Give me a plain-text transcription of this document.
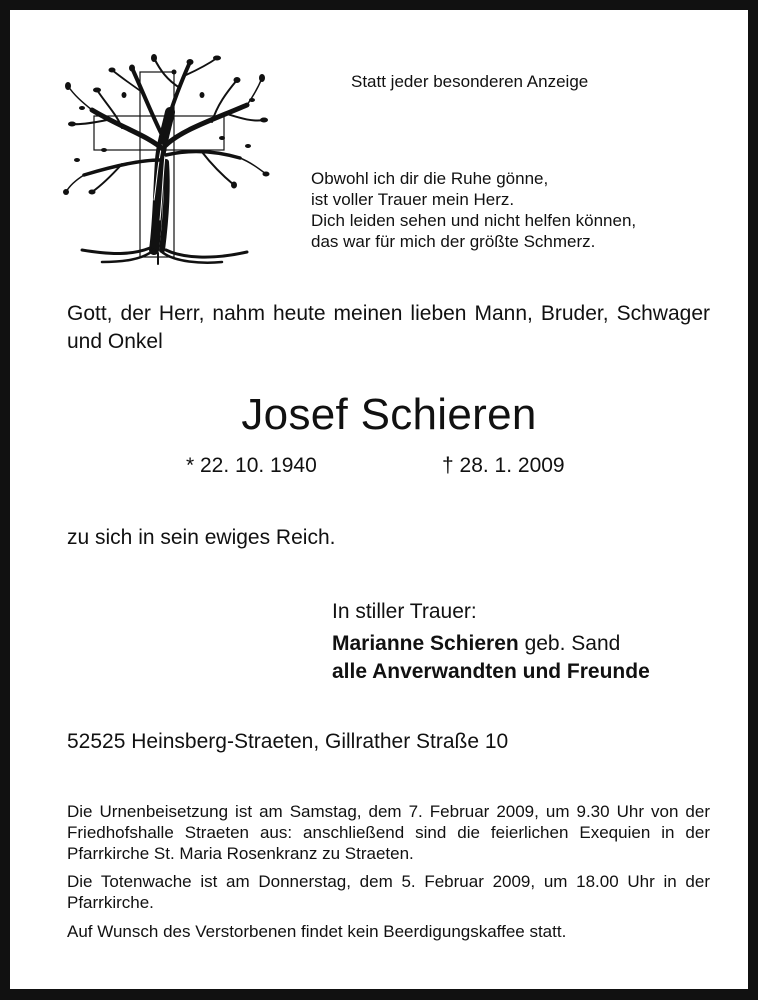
Statt jeder besonderen Anzeige
Obwohl ich dir die Ruhe gönne,
ist voller Trauer mein Herz.
Dich leiden sehen und nicht helfen können,
das war für mich der größte Schmerz.
Gott, der Herr, nahm heute meinen lieben Mann, Bruder, Schwager und Onkel
Josef Schieren
* 22. 10. 1940	† 28. 1. 2009
zu sich in sein ewiges Reich.
In stiller Trauer:
Marianne Schieren geb. Sand
alle Anverwandten und Freunde
52525 Heinsberg-Straeten, Gillrather Straße 10
Die Urnenbeisetzung ist am Samstag, dem 7. Februar 2009, um 9.30 Uhr von der Friedhofshalle Straeten aus: anschließend sind die feierlichen Exequien in der Pfarrkirche St. Maria Rosenkranz zu Straeten.
Die Totenwache ist am Donnerstag, dem 5. Februar 2009, um 18.00 Uhr in der Pfarrkirche.
Auf Wunsch des Verstorbenen findet kein Beerdigungskaffee statt.
